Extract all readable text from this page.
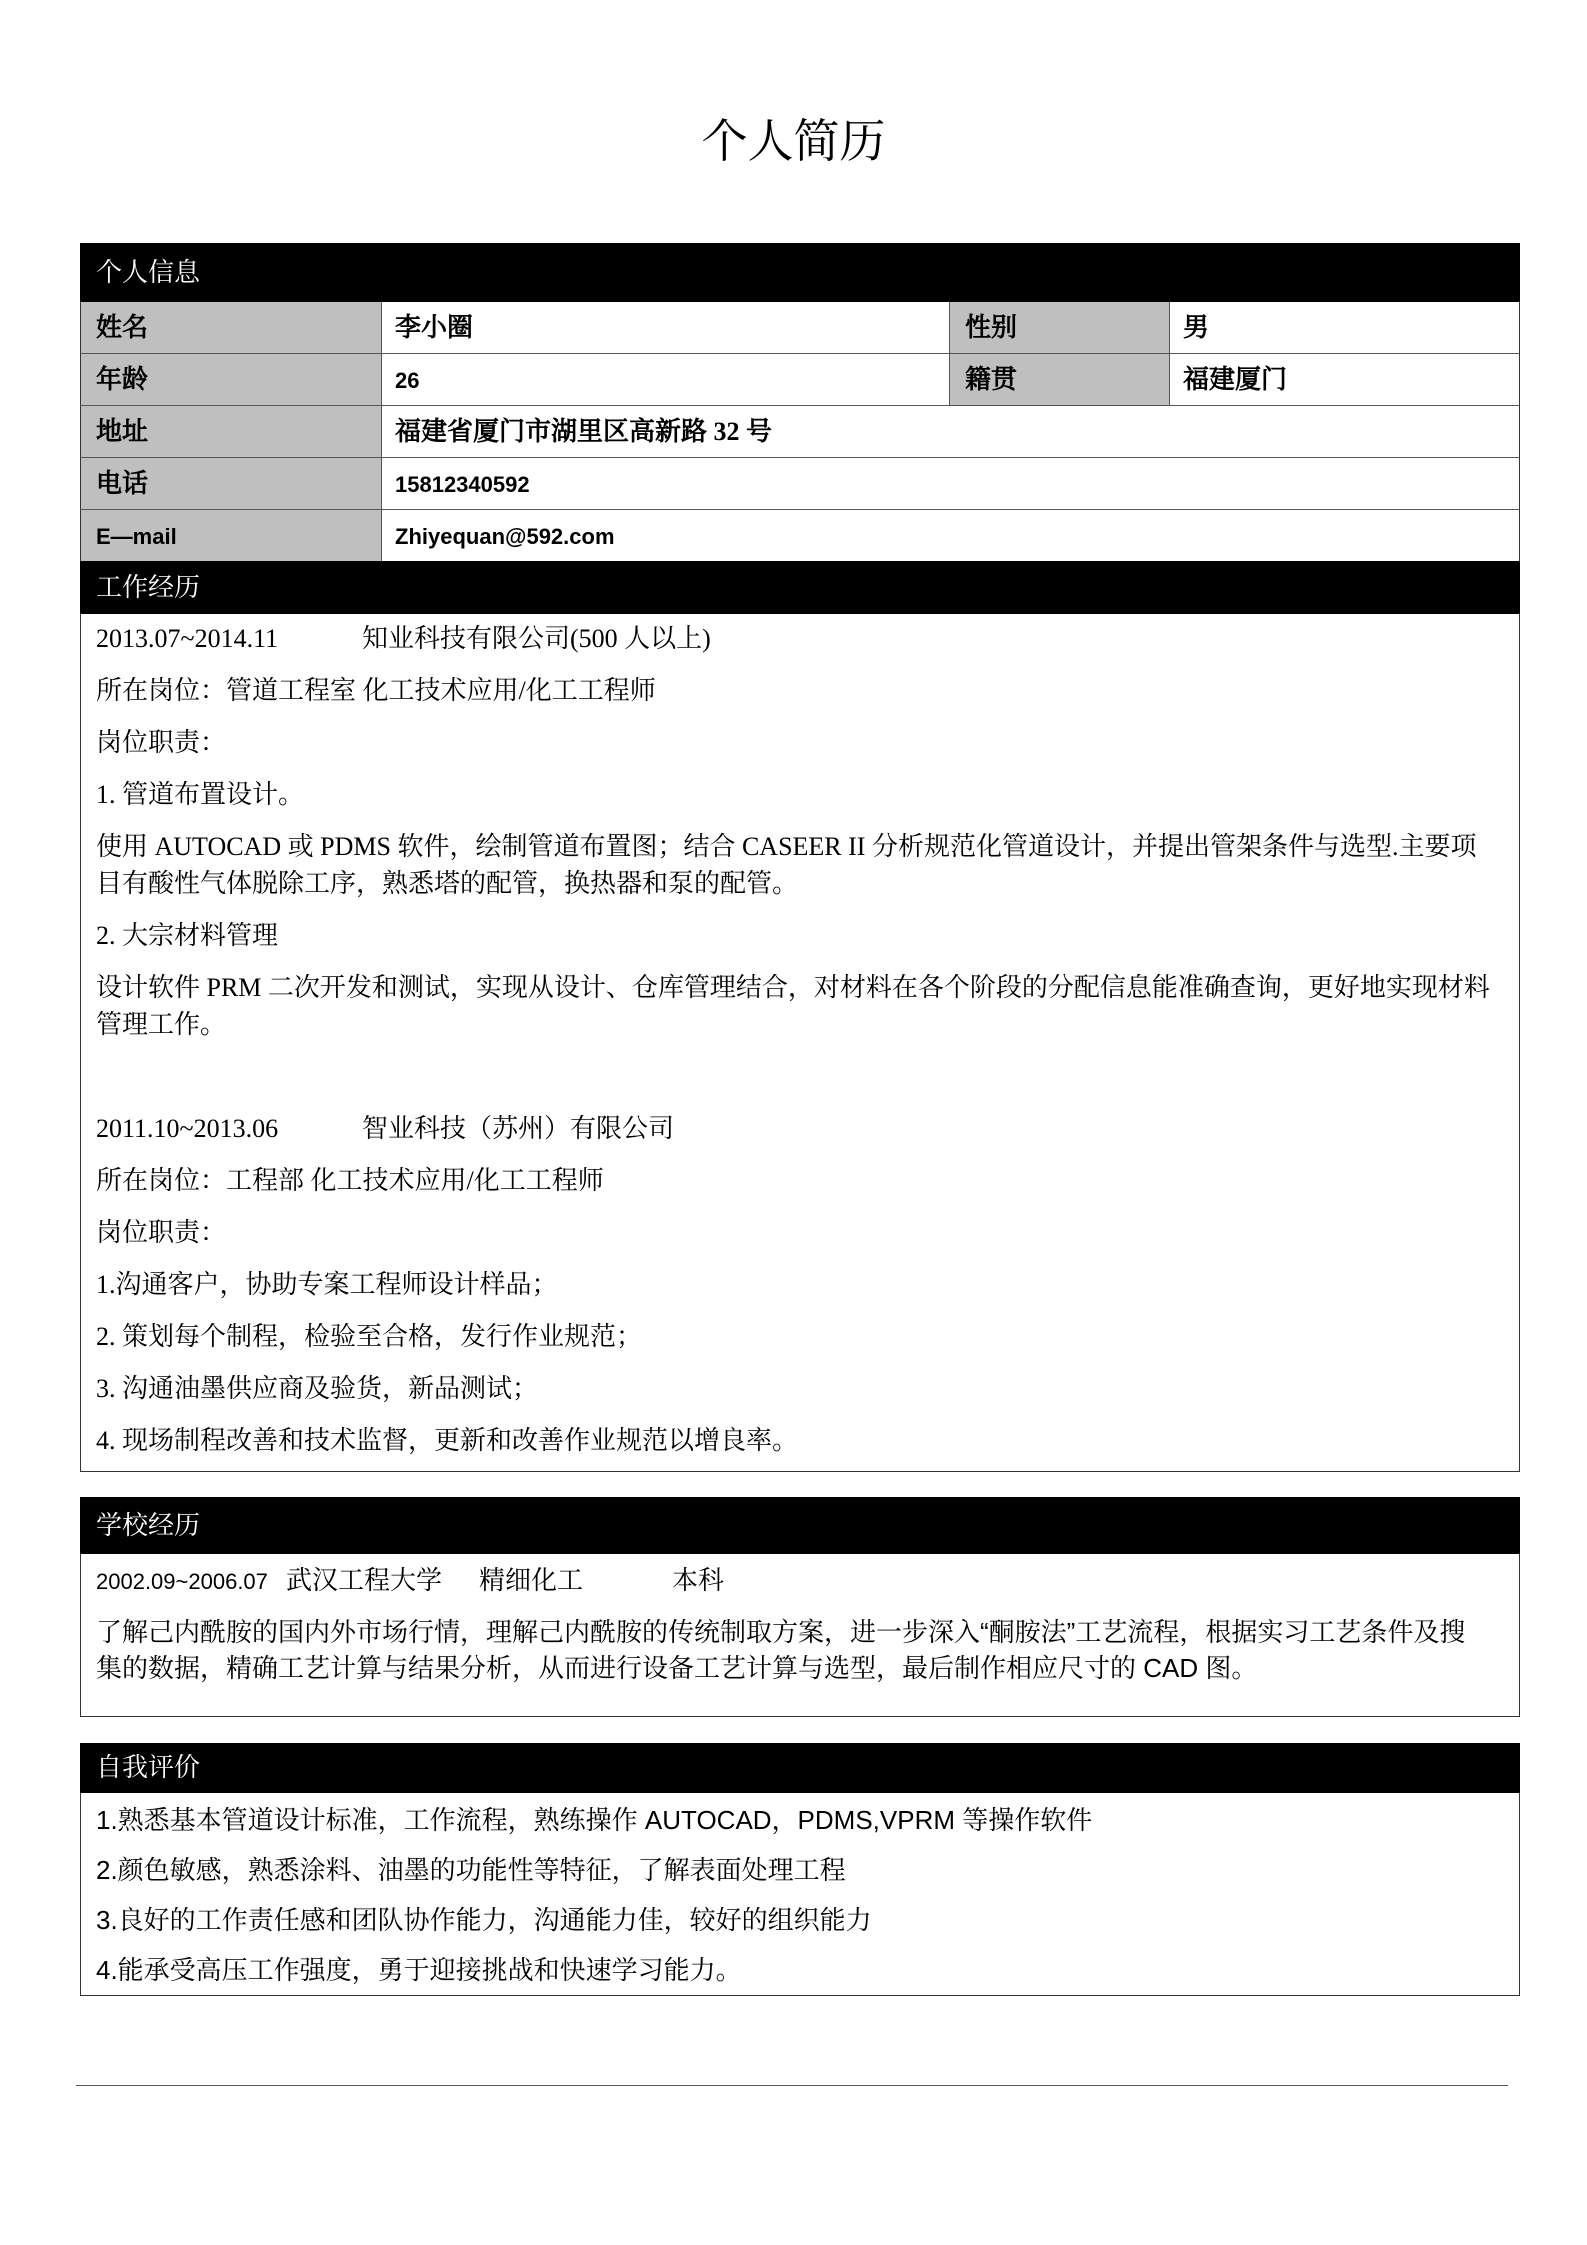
个人简历
个人信息
姓名	李小圈	性别	男
年龄	26	籍贯	福建厦门
地址	福建省厦门市湖里区高新路 32 号
电话	15812340592
E—mail	Zhiyequan@592.com
工作经历

2013.07~2014.11	知业科技有限公司(500 人以上)

所在岗位：管道工程室 化工技术应用/化工工程师

岗位职责：

1. 管道布置设计。

使用 AUTOCAD 或 PDMS 软件，绘制管道布置图；结合 CASEER II 分析规范化管道设计，并提出管架条件与选型.主要项目有酸性气体脱除工序，熟悉塔的配管，换热器和泵的配管。

2. 大宗材料管理

设计软件 PRM 二次开发和测试，实现从设计、仓库管理结合，对材料在各个阶段的分配信息能准确查询，更好地实现材料管理工作。

2011.10~2013.06	智业科技（苏州）有限公司

所在岗位：工程部 化工技术应用/化工工程师

岗位职责：

1.沟通客户，协助专案工程师设计样品；

2. 策划每个制程，检验至合格，发行作业规范；

3. 沟通油墨供应商及验货，新品测试；

4. 现场制程改善和技术监督，更新和改善作业规范以增良率。

学校经历

2002.09~2006.07 武汉工程大学 精细化工	本科

了解己内酰胺的国内外市场行情，理解己内酰胺的传统制取方案，进一步深入“酮胺法”工艺流程，根据实习工艺条件及搜集的数据，精确工艺计算与结果分析，从而进行设备工艺计算与选型，最后制作相应尺寸的 CAD 图。

自我评价

1.熟悉基本管道设计标准，工作流程，熟练操作 AUTOCAD，PDMS,VPRM 等操作软件

2.颜色敏感，熟悉涂料、油墨的功能性等特征，了解表面处理工程

3.良好的工作责任感和团队协作能力，沟通能力佳，较好的组织能力

4.能承受高压工作强度，勇于迎接挑战和快速学习能力。
